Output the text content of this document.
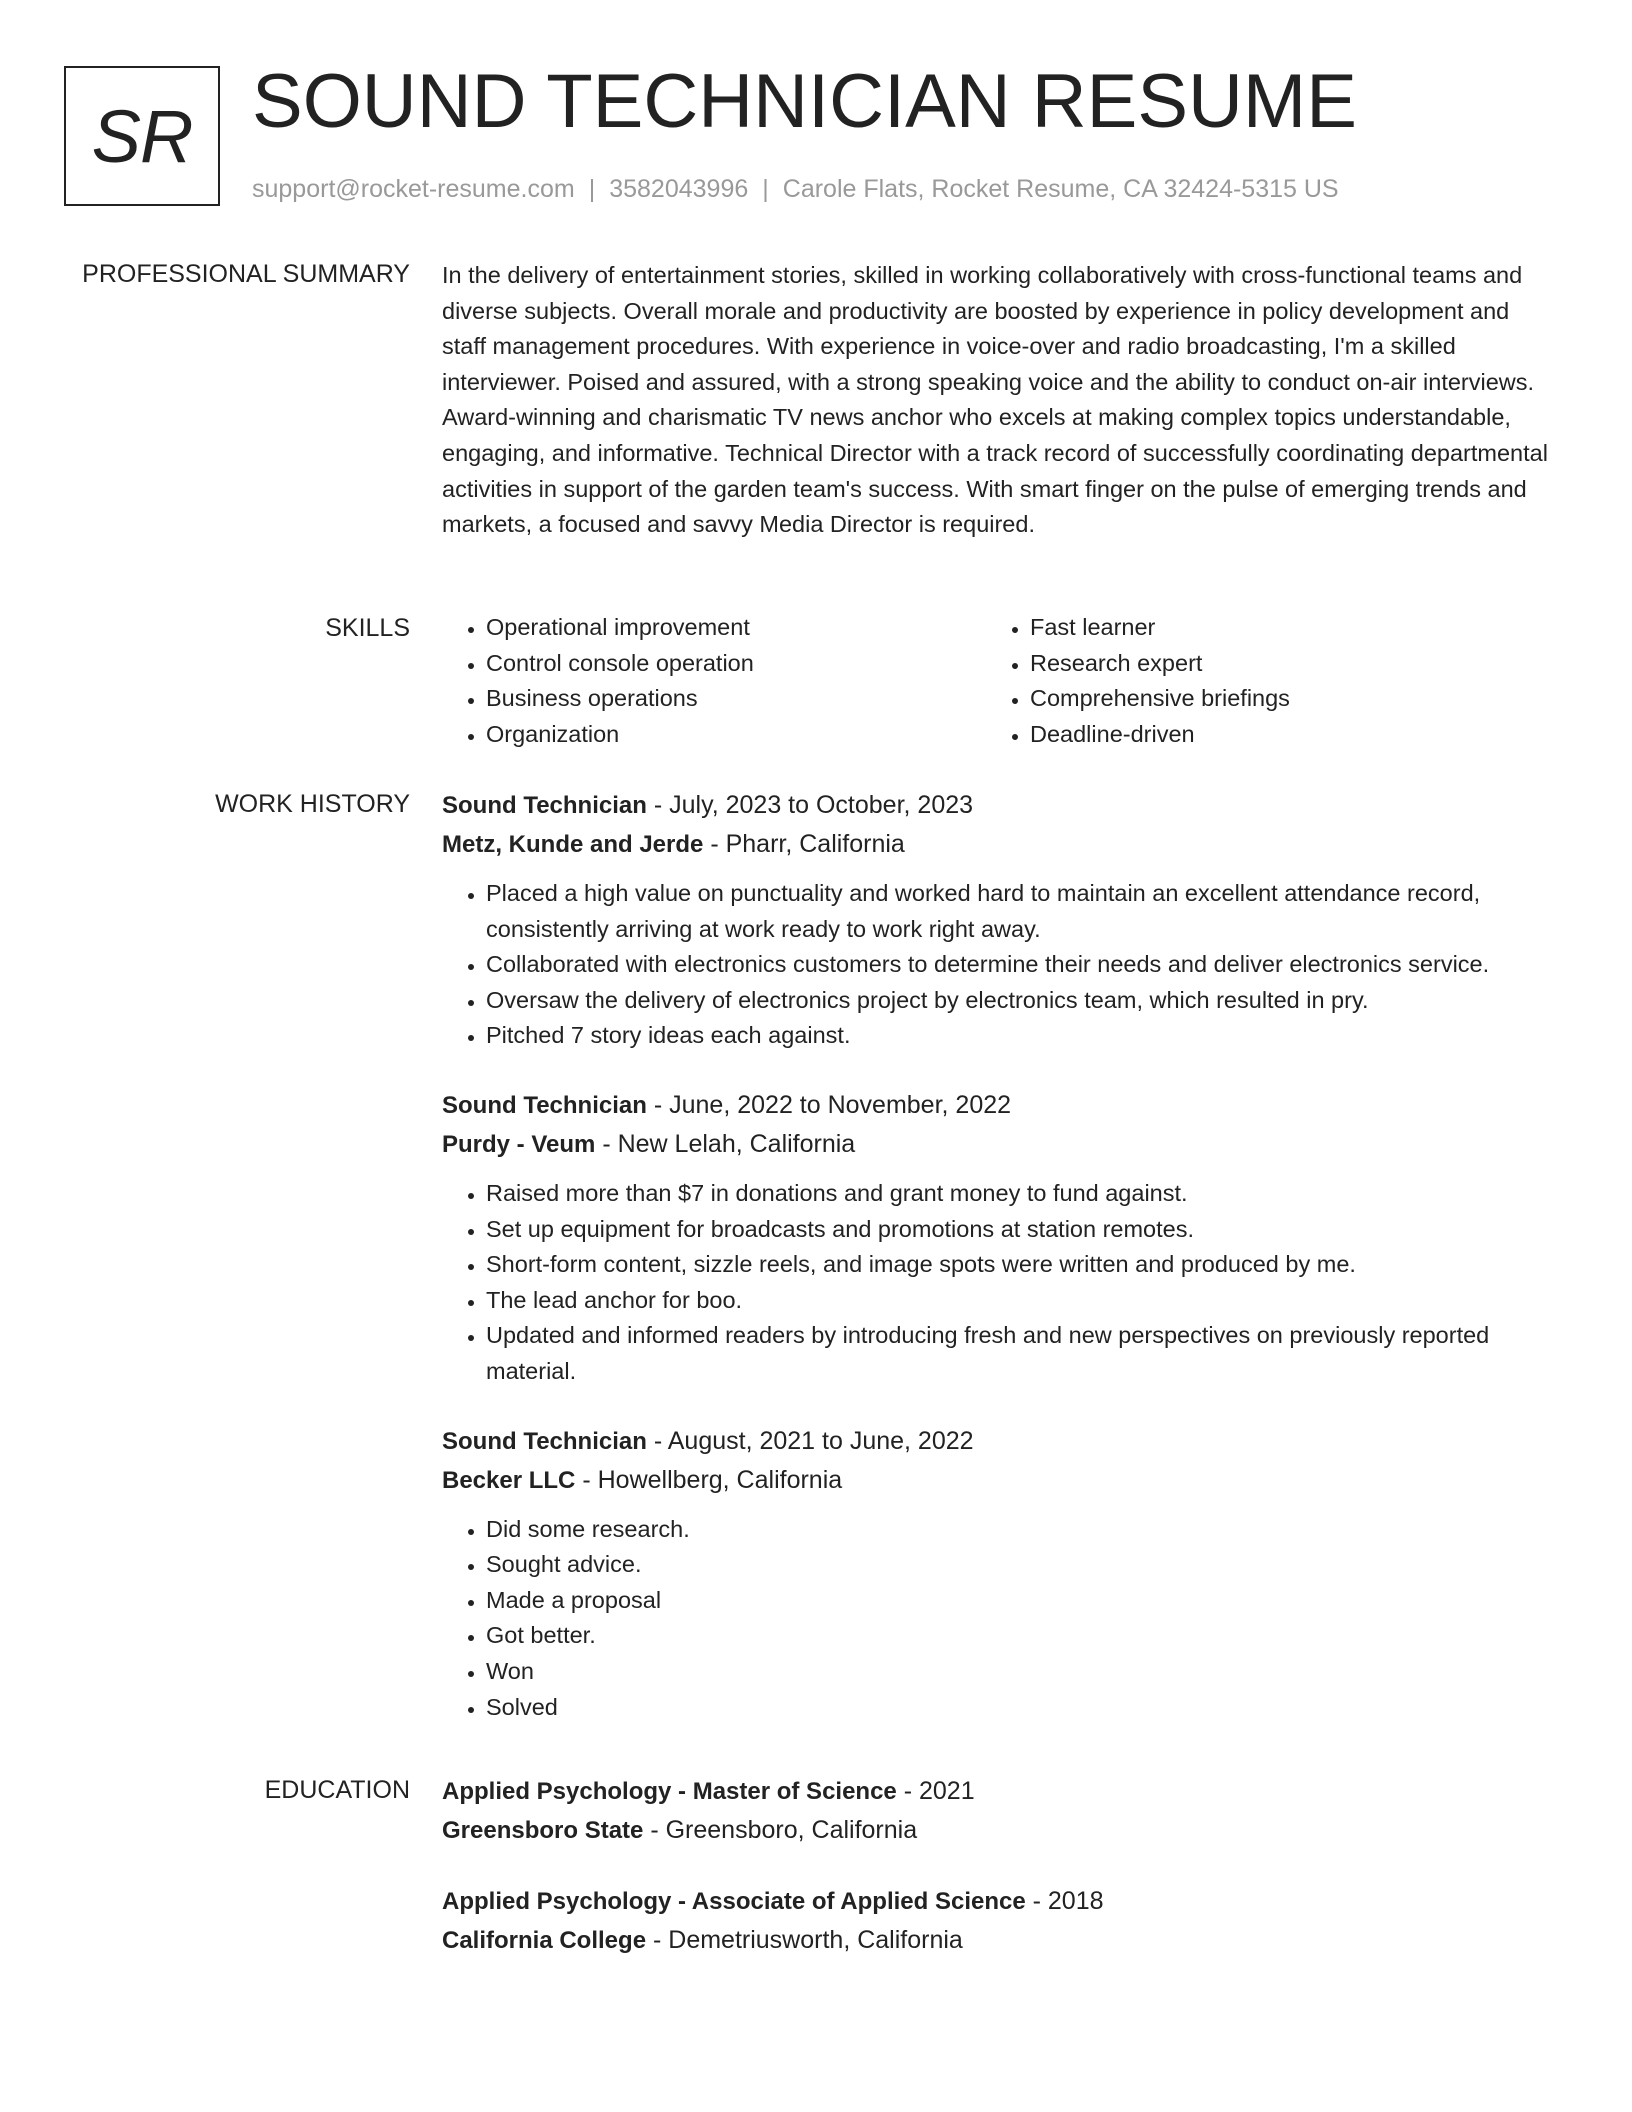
SR SOUND TECHNICIAN RESUME
support@rocket-resume.com | 3582043996 | Carole Flats, Rocket Resume, CA 32424-5315 US
PROFESSIONAL SUMMARY In the delivery of entertainment stories, skilled in working collaboratively with cross-functional teams and diverse subjects. Overall morale and productivity are boosted by experience in policy development and staff management procedures. With experience in voice-over and radio broadcasting, I'm a skilled interviewer. Poised and assured, with a strong speaking voice and the ability to conduct on-air interviews. Award-winning and charismatic TV news anchor who excels at making complex topics understandable, engaging, and informative. Technical Director with a track record of successfully coordinating departmental activities in support of the garden team's success. With smart finger on the pulse of emerging trends and markets, a focused and savvy Media Director is required.

SKILLS
•	Operational improvement
• Control console operation
• Business operations
• Organization
• Fast learner
• Research expert
• Comprehensive briefings
• Deadline-driven
WORK HISTORY Sound Technician - July, 2023 to October, 2023
Metz, Kunde and Jerde - Pharr, California
• Placed a high value on punctuality and worked hard to maintain an excellent attendance record, consistently arriving at work ready to work right away.
• Collaborated with electronics customers to determine their needs and deliver electronics service.
• Oversaw the delivery of electronics project by electronics team, which resulted in pry.
• Pitched 7 story ideas each against.
Sound Technician - June, 2022 to November, 2022
Purdy - Veum - New Lelah, California
• Raised more than $7 in donations and grant money to fund against.
• Set up equipment for broadcasts and promotions at station remotes.
• Short-form content, sizzle reels, and image spots were written and produced by me.
• The lead anchor for boo.
• Updated and informed readers by introducing fresh and new perspectives on previously reported material.
Sound Technician - August, 2021 to June, 2022
Becker LLC - Howellberg, California
• Did some research.
• Sought advice.
• Made a proposal
• Got better.
• Won
• Solved
EDUCATION Applied Psychology - Master of Science - 2021
Greensboro State - Greensboro, California
Applied Psychology - Associate of Applied Science - 2018
California College - Demetriusworth, California
